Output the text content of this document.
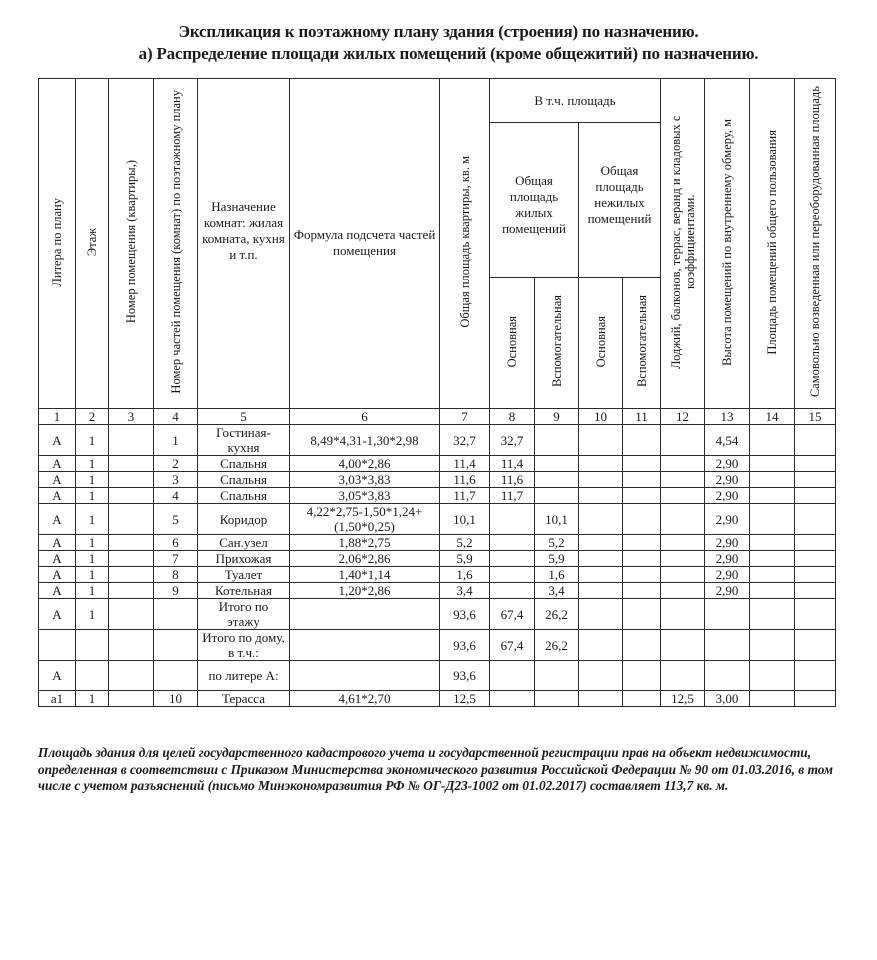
Экспликация к поэтажному плану здания (строения) по назначению.
а) Распределение площади жилых помещений (кроме общежитий) по назначению.
Литера по плану	Этаж	Номер помещения (квартиры,)	Номер частей помещения (комнат) по поэтажному плану	Назначение комнат: жилая комната, кухня и т.п.	Формула подсчета частей помещения	Общая площадь квартиры, кв. м	В т.ч. площадь				Лоджий, балконов, террас, веранд и кладовых с коэффициентами.	Высота помещений по внутреннему обмеру, м	Площадь помещений общего пользования	Самовольно возведенная или переоборудованная площадь
							Общая площадь жилых помещений		Общая площадь нежилых помещений					
							Основная	Вспомогательная	Основная	Вспомогательная				
1	2	3	4	5	6	7	8	9	10	11	12	13	14	15
А	1		1	Гостиная-кухня	8,49*4,31-1,30*2,98	32,7	32,7					4,54		
А	1		2	Спальня	4,00*2,86	11,4	11,4					2,90		
А	1		3	Спальня	3,03*3,83	11,6	11,6					2,90		
А	1		4	Спальня	3,05*3,83	11,7	11,7					2,90		
А	1		5	Коридор	4,22*2,75-1,50*1,24+(1,50*0,25)	10,1		10,1				2,90		
А	1		6	Сан.узел	1,88*2,75	5,2		5,2				2,90		
А	1		7	Прихожая	2,06*2,86	5,9		5,9				2,90		
А	1		8	Туалет	1,40*1,14	1,6		1,6				2,90		
А	1		9	Котельная	1,20*2,86	3,4		3,4				2,90		
А	1			Итого по этажу		93,6	67,4	26,2						
				Итого по дому, в т.ч.:		93,6	67,4	26,2						
А				по литере А:		93,6								
а1	1		10	Терасса	4,61*2,70	12,5					12,5	3,00		
Площадь здания для целей государственного кадастрового учета и государственной регистрации прав на объект недвижимости, определенная в соответствии с Приказом Министерства экономического развития Российской Федерации № 90 от 01.03.2016, в том числе с учетом разъяснений (письмо Минэкономразвития РФ № ОГ-Д23-1002 от 01.02.2017) составляет 113,7 кв. м.
